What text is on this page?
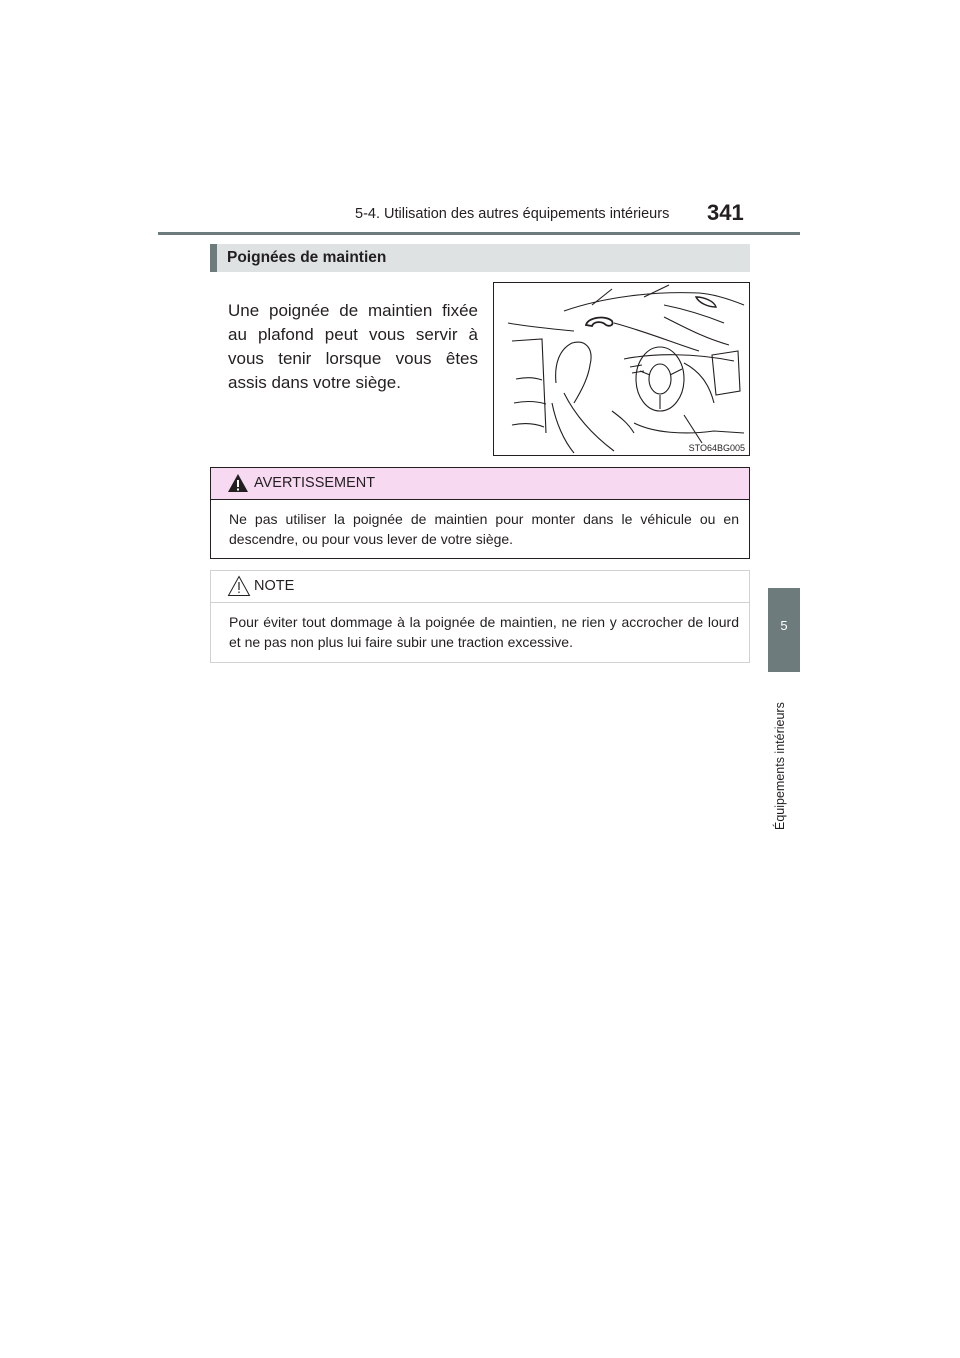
5-4. Utilisation des autres équipements intérieurs 341
5
Équipements intérieurs
Poignées de maintien
Une poignée de maintien fixée au plafond peut vous servir à vous tenir lorsque vous êtes assis dans votre siège.
STO64BG005
AVERTISSEMENT
Ne pas utiliser la poignée de maintien pour monter dans le véhicule ou en descendre, ou pour vous lever de votre siège.
NOTE
Pour éviter tout dommage à la poignée de maintien, ne rien y accrocher de lourd et ne pas non plus lui faire subir une traction excessive.
